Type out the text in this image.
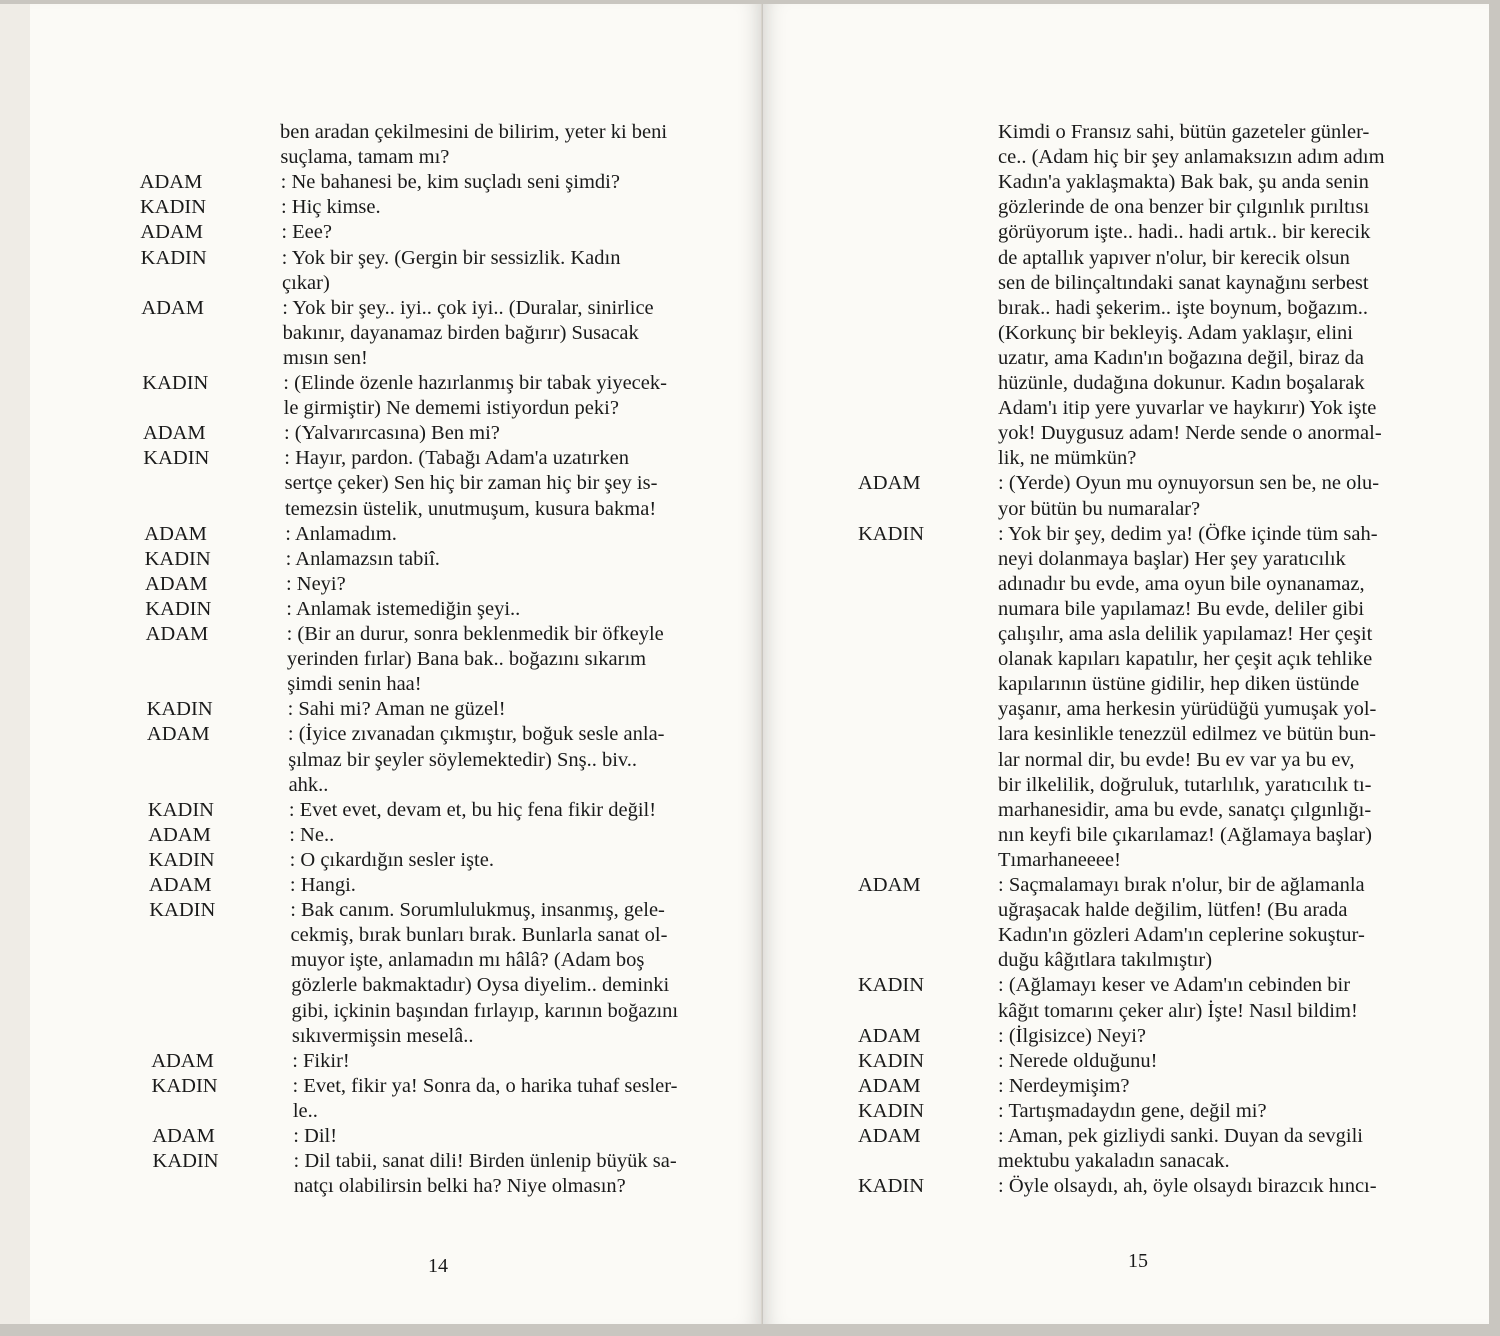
ben aradan çekilmesini de bilirim, yeter ki beni
suçlama, tamam mı?
ADAM	: Ne bahanesi be, kim suçladı seni şimdi?
KADIN	: Hiç kimse.
ADAM	: Eee?
KADIN	: Yok bir şey. (Gergin bir sessizlik. Kadın
çıkar)
ADAM	: Yok bir şey.. iyi.. çok iyi.. (Duralar, sinirlice
bakınır, dayanamaz birden bağırır) Susacak
mısın sen!
KADIN	: (Elinde özenle hazırlanmış bir tabak yiyecek-
le girmiştir) Ne dememi istiyordun peki?
ADAM	: (Yalvarırcasına) Ben mi?
KADIN	: Hayır, pardon. (Tabağı Adam'a uzatırken
sertçe çeker) Sen hiç bir zaman hiç bir şey is-
temezsin üstelik, unutmuşum, kusura bakma!
ADAM	: Anlamadım.
KADIN	: Anlamazsın tabiî.
ADAM	: Neyi?
KADIN	: Anlamak istemediğin şeyi..
ADAM	: (Bir an durur, sonra beklenmedik bir öfkeyle
yerinden fırlar) Bana bak.. boğazını sıkarım
şimdi senin haa!
KADIN	: Sahi mi? Aman ne güzel!
ADAM	: (İyice zıvanadan çıkmıştır, boğuk sesle anla-
şılmaz bir şeyler söylemektedir) Snş.. biv..
ahk..
KADIN	: Evet evet, devam et, bu hiç fena fikir değil!
ADAM	: Ne..
KADIN	: O çıkardığın sesler işte.
ADAM	: Hangi.
KADIN	: Bak canım. Sorumlulukmuş, insanmış, gele-
cekmiş, bırak bunları bırak. Bunlarla sanat ol-
muyor işte, anlamadın mı hâlâ? (Adam boş
gözlerle bakmaktadır) Oysa diyelim.. deminki
gibi, içkinin başından fırlayıp, karının boğazını
sıkıvermişsin meselâ..
ADAM	: Fikir!
KADIN	: Evet, fikir ya! Sonra da, o harika tuhaf sesler-
le..
ADAM	: Dil!
KADIN	: Dil tabii, sanat dili! Birden ünlenip büyük sa-
natçı olabilirsin belki ha? Niye olmasın?
14
Kimdi o Fransız sahi, bütün gazeteler günler-
ce.. (Adam hiç bir şey anlamaksızın adım adım
Kadın'a yaklaşmakta) Bak bak, şu anda senin
gözlerinde de ona benzer bir çılgınlık pırıltısı
görüyorum işte.. hadi.. hadi artık.. bir kerecik
de aptallık yapıver n'olur, bir kerecik olsun
sen de bilinçaltındaki sanat kaynağını serbest
bırak.. hadi şekerim.. işte boynum, boğazım..
(Korkunç bir bekleyiş. Adam yaklaşır, elini
uzatır, ama Kadın'ın boğazına değil, biraz da
hüzünle, dudağına dokunur. Kadın boşalarak
Adam'ı itip yere yuvarlar ve haykırır) Yok işte
yok! Duygusuz adam! Nerde sende o anormal-
lik, ne mümkün?
ADAM	: (Yerde) Oyun mu oynuyorsun sen be, ne olu-
yor bütün bu numaralar?
KADIN	: Yok bir şey, dedim ya! (Öfke içinde tüm sah-
neyi dolanmaya başlar) Her şey yaratıcılık
adınadır bu evde, ama oyun bile oynanamaz,
numara bile yapılamaz! Bu evde, deliler gibi
çalışılır, ama asla delilik yapılamaz! Her çeşit
olanak kapıları kapatılır, her çeşit açık tehlike
kapılarının üstüne gidilir, hep diken üstünde
yaşanır, ama herkesin yürüdüğü yumuşak yol-
lara kesinlikle tenezzül edilmez ve bütün bun-
lar normal dir, bu evde! Bu ev var ya bu ev,
bir ilkelilik, doğruluk, tutarlılık, yaratıcılık tı-
marhanesidir, ama bu evde, sanatçı çılgınlığı-
nın keyfi bile çıkarılamaz! (Ağlamaya başlar)
Tımarhaneeee!
ADAM	: Saçmalamayı bırak n'olur, bir de ağlamanla
uğraşacak halde değilim, lütfen! (Bu arada
Kadın'ın gözleri Adam'ın ceplerine sokuştur-
duğu kâğıtlara takılmıştır)
KADIN	: (Ağlamayı keser ve Adam'ın cebinden bir
kâğıt tomarını çeker alır) İşte! Nasıl bildim!
ADAM	: (İlgisizce) Neyi?
KADIN	: Nerede olduğunu!
ADAM	: Nerdeymişim?
KADIN	: Tartışmadaydın gene, değil mi?
ADAM	: Aman, pek gizliydi sanki. Duyan da sevgili
mektubu yakaladın sanacak.
KADIN	: Öyle olsaydı, ah, öyle olsaydı birazcık hıncı-
15
